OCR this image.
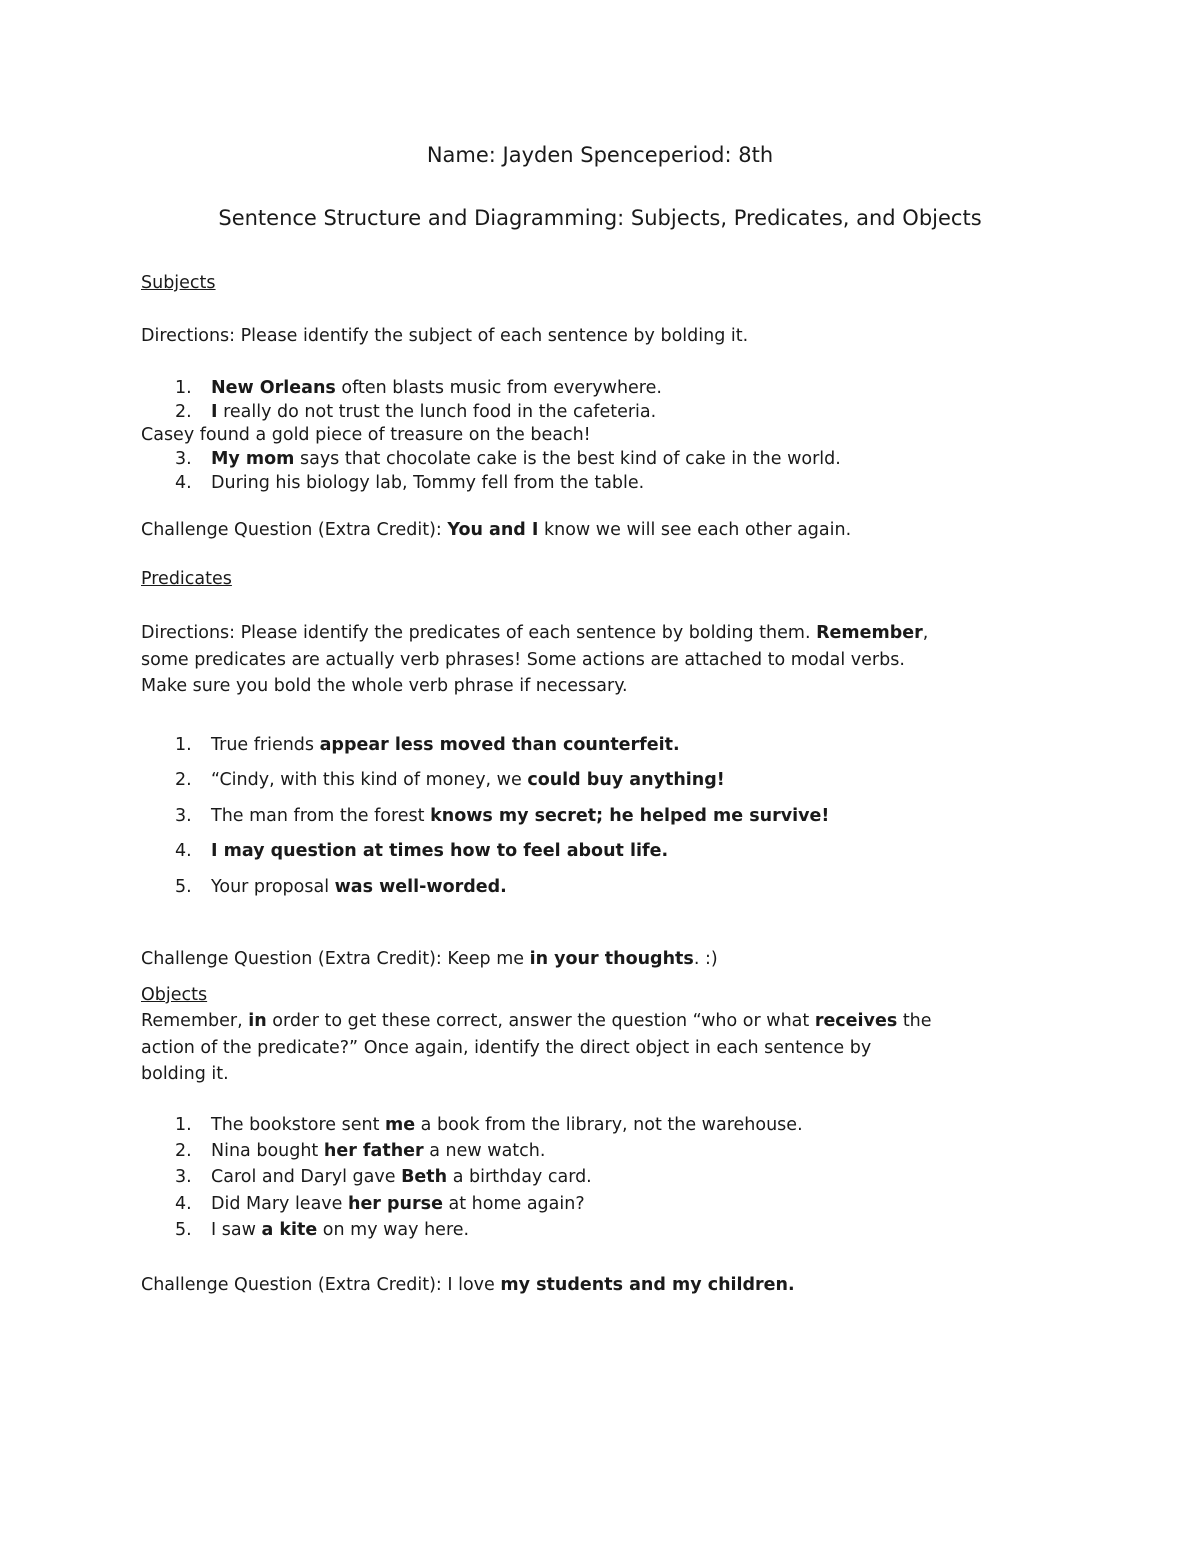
Name: Jayden Spenceperiod: 8th
Sentence Structure and Diagramming: Subjects, Predicates, and Objects
Subjects
Directions: Please identify the subject of each sentence by bolding it.
1. New Orleans often blasts music from everywhere.
2. I really do not trust the lunch food in the cafeteria.
Casey found a gold piece of treasure on the beach!
3. My mom says that chocolate cake is the best kind of cake in the world.
4. During his biology lab, Tommy fell from the table.
Challenge Question (Extra Credit): You and I know we will see each other again.
Predicates
Directions: Please identify the predicates of each sentence by bolding them. Remember,
some predicates are actually verb phrases! Some actions are attached to modal verbs.
Make sure you bold the whole verb phrase if necessary.
1. True friends appear less moved than counterfeit.
2. “Cindy, with this kind of money, we could buy anything!
3. The man from the forest knows my secret; he helped me survive!
4. I may question at times how to feel about life.
5. Your proposal was well-worded.
Challenge Question (Extra Credit): Keep me in your thoughts. :)
Objects
Remember, in order to get these correct, answer the question “who or what receives the
action of the predicate?” Once again, identify the direct object in each sentence by
bolding it.
1. The bookstore sent me a book from the library, not the warehouse.
2. Nina bought her father a new watch.
3. Carol and Daryl gave Beth a birthday card.
4. Did Mary leave her purse at home again?
5. I saw a kite on my way here.
Challenge Question (Extra Credit): I love my students and my children.
